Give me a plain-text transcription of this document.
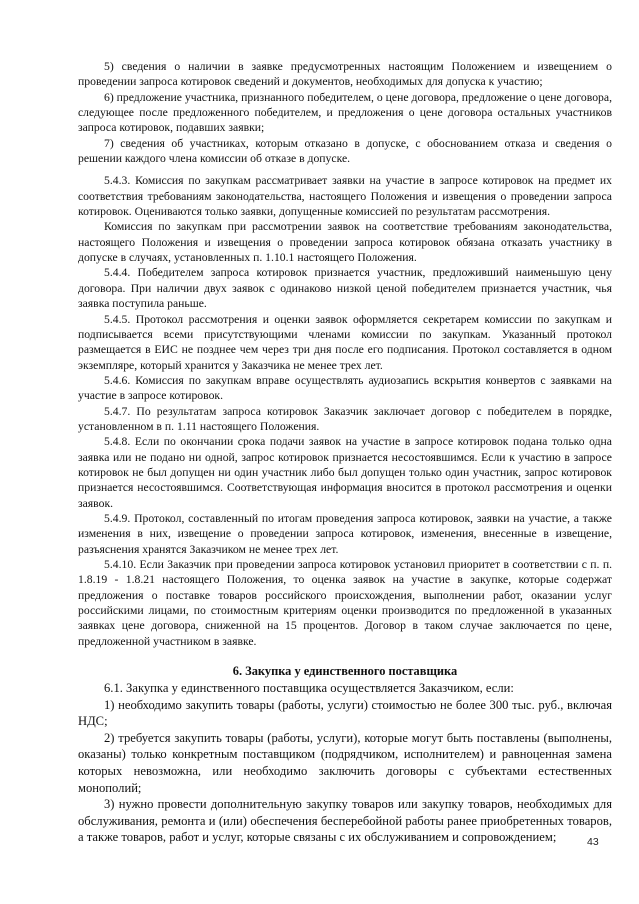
5) сведения о наличии в заявке предусмотренных настоящим Положением и извещением о проведении запроса котировок сведений и документов, необходимых для допуска к участию;

6) предложение участника, признанного победителем, о цене договора, предложение о цене договора, следующее после предложенного победителем, и предложения о цене договора остальных участников запроса котировок, подавших заявки;

7) сведения об участниках, которым отказано в допуске, с обоснованием отказа и сведения о решении каждого члена комиссии об отказе в допуске.

5.4.3. Комиссия по закупкам рассматривает заявки на участие в запросе котировок на предмет их соответствия требованиям законодательства, настоящего Положения и извещения о проведении запроса котировок. Оцениваются только заявки, допущенные комиссией по результатам рассмотрения.

Комиссия по закупкам при рассмотрении заявок на соответствие требованиям законодательства, настоящего Положения и извещения о проведении запроса котировок обязана отказать участнику в допуске в случаях, установленных п. 1.10.1 настоящего Положения.

5.4.4. Победителем запроса котировок признается участник, предложивший наименьшую цену договора. При наличии двух заявок с одинаково низкой ценой победителем признается участник, чья заявка поступила раньше.

5.4.5. Протокол рассмотрения и оценки заявок оформляется секретарем комиссии по закупкам и подписывается всеми присутствующими членами комиссии по закупкам. Указанный протокол размещается в ЕИС не позднее чем через три дня после его подписания. Протокол составляется в одном экземпляре, который хранится у Заказчика не менее трех лет.

5.4.6. Комиссия по закупкам вправе осуществлять аудиозапись вскрытия конвертов с заявками на участие в запросе котировок.

5.4.7. По результатам запроса котировок Заказчик заключает договор с победителем в порядке, установленном в п. 1.11 настоящего Положения.

5.4.8. Если по окончании срока подачи заявок на участие в запросе котировок подана только одна заявка или не подано ни одной, запрос котировок признается несостоявшимся. Если к участию в запросе котировок не был допущен ни один участник либо был допущен только один участник, запрос котировок признается несостоявшимся. Соответствующая информация вносится в протокол рассмотрения и оценки заявок.

5.4.9. Протокол, составленный по итогам проведения запроса котировок, заявки на участие, а также изменения в них, извещение о проведении запроса котировок, изменения, внесенные в извещение, разъяснения хранятся Заказчиком не менее трех лет.

5.4.10. Если Заказчик при проведении запроса котировок установил приоритет в соответствии с п. п. 1.8.19 - 1.8.21 настоящего Положения, то оценка заявок на участие в закупке, которые содержат предложения о поставке товаров российского происхождения, выполнении работ, оказании услуг российскими лицами, по стоимостным критериям оценки производится по предложенной в указанных заявках цене договора, сниженной на 15 процентов. Договор в таком случае заключается по цене, предложенной участником в заявке.

6. Закупка у единственного поставщика

6.1. Закупка у единственного поставщика осуществляется Заказчиком, если:

1) необходимо закупить товары (работы, услуги) стоимостью не более 300 тыс. руб., включая НДС;

2) требуется закупить товары (работы, услуги), которые могут быть поставлены (выполнены, оказаны) только конкретным поставщиком (подрядчиком, исполнителем) и равноценная замена которых невозможна, или необходимо заключить договоры с субъектами естественных монополий;

3) нужно провести дополнительную закупку товаров или закупку товаров, необходимых для обслуживания, ремонта и (или) обеспечения бесперебойной работы ранее приобретенных товаров, а также товаров, работ и услуг, которые связаны с их обслуживанием и сопровождением;	43
